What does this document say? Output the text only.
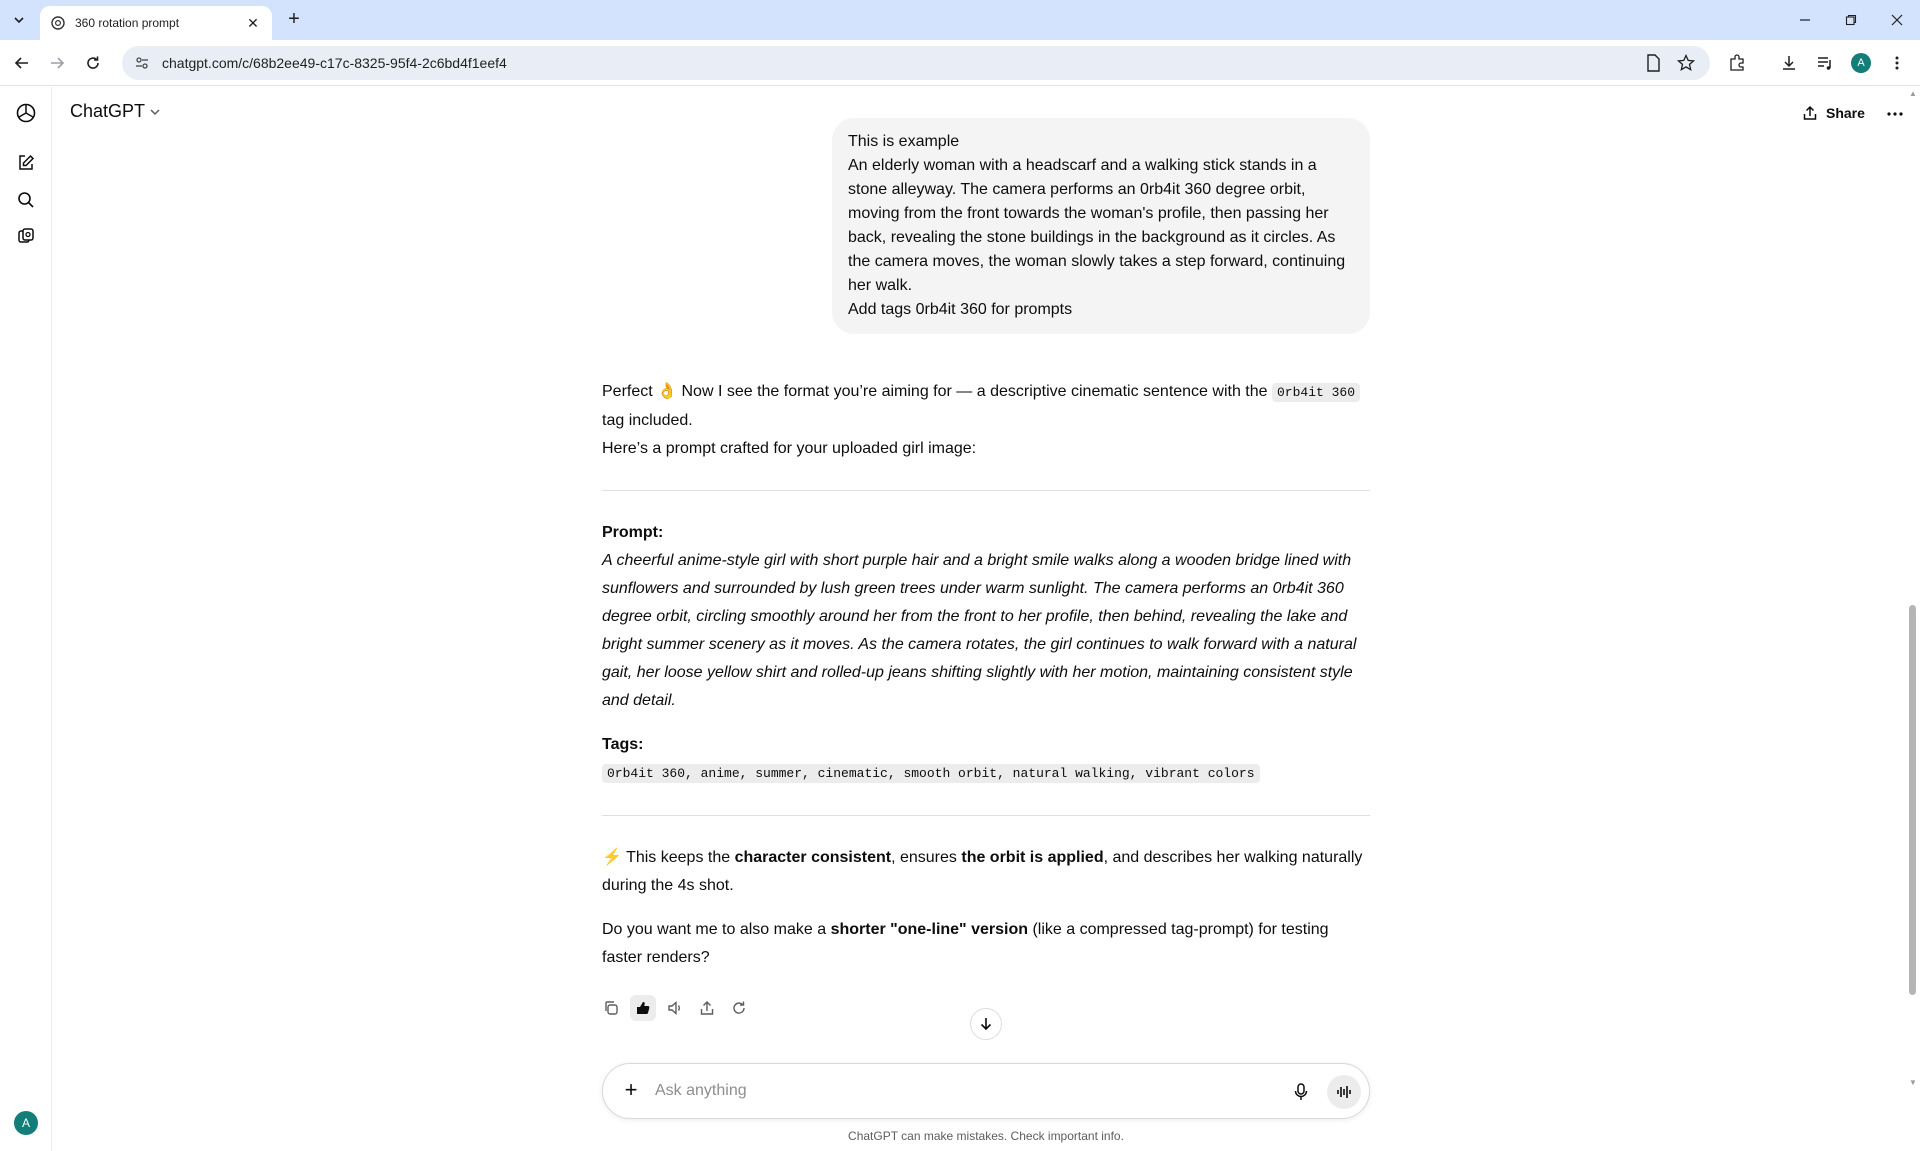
360 rotation prompt	✕	+
chatgpt.com/c/68b2ee49-c17c-8325-95f4-2c6bd4f1eef4	A
A
ChatGPT	Share
▲
▼
This is example
An elderly woman with a headscarf and a walking stick stands in a stone alleyway. The camera performs an 0rb4it 360 degree orbit, moving from the front towards the woman's profile, then passing her back, revealing the stone buildings in the background as it circles. As the camera moves, the woman slowly takes a step forward, continuing her walk.
Add tags 0rb4it 360 for prompts
Perfect 👌 Now I see the format you’re aiming for — a descriptive cinematic sentence with the 0rb4it 360 tag included.
Here’s a prompt crafted for your uploaded girl image:
Prompt:
A cheerful anime-style girl with short purple hair and a bright smile walks along a wooden bridge lined with sunflowers and surrounded by lush green trees under warm sunlight. The camera performs an 0rb4it 360 degree orbit, circling smoothly around her from the front to her profile, then behind, revealing the lake and bright summer scenery as it moves. As the camera rotates, the girl continues to walk forward with a natural gait, her loose yellow shirt and rolled-up jeans shifting slightly with her motion, maintaining consistent style and detail.
Tags:
0rb4it 360, anime, summer, cinematic, smooth orbit, natural walking, vibrant colors
⚡ This keeps the character consistent, ensures the orbit is applied, and describes her walking naturally during the 4s shot.
Do you want me to also make a shorter "one-line" version (like a compressed tag-prompt) for testing faster renders?
+	Ask anything
ChatGPT can make mistakes. Check important info.
